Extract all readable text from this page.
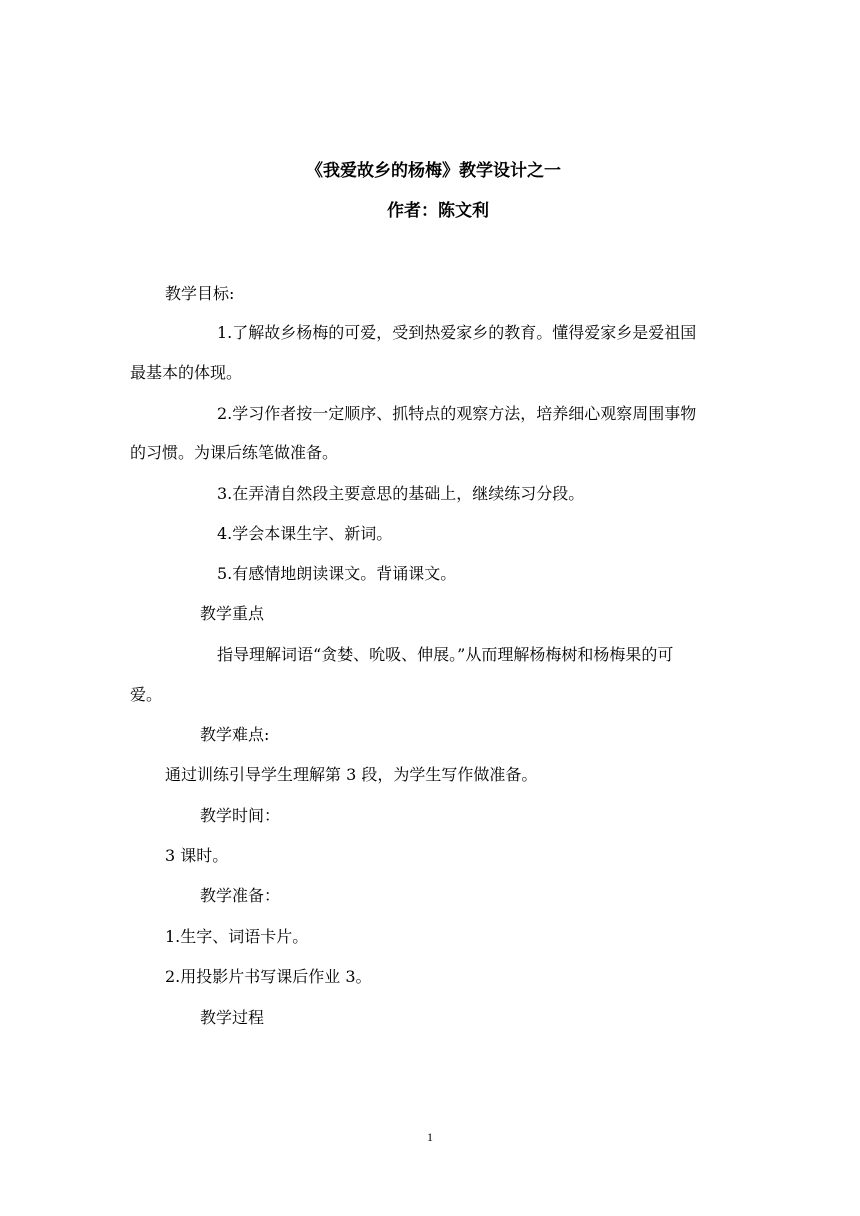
《我爱故乡的杨梅》教学设计之一
作者：陈文利
教学目标:
1.了解故乡杨梅的可爱，受到热爱家乡的教育。懂得爱家乡是爱祖国
最基本的体现。
2.学习作者按一定顺序、抓特点的观察方法，培养细心观察周围事物
的习惯。为课后练笔做准备。
3.在弄清自然段主要意思的基础上，继续练习分段。
4.学会本课生字、新词。
5.有感情地朗读课文。背诵课文。
教学重点
指导理解词语“贪婪、吮吸、伸展。”从而理解杨梅树和杨梅果的可
爱。
教学难点:
通过训练引导学生理解第 3 段，为学生写作做准备。
教学时间：
3 课时。
教学准备：
1.生字、词语卡片。
2.用投影片书写课后作业 3。
教学过程
1
